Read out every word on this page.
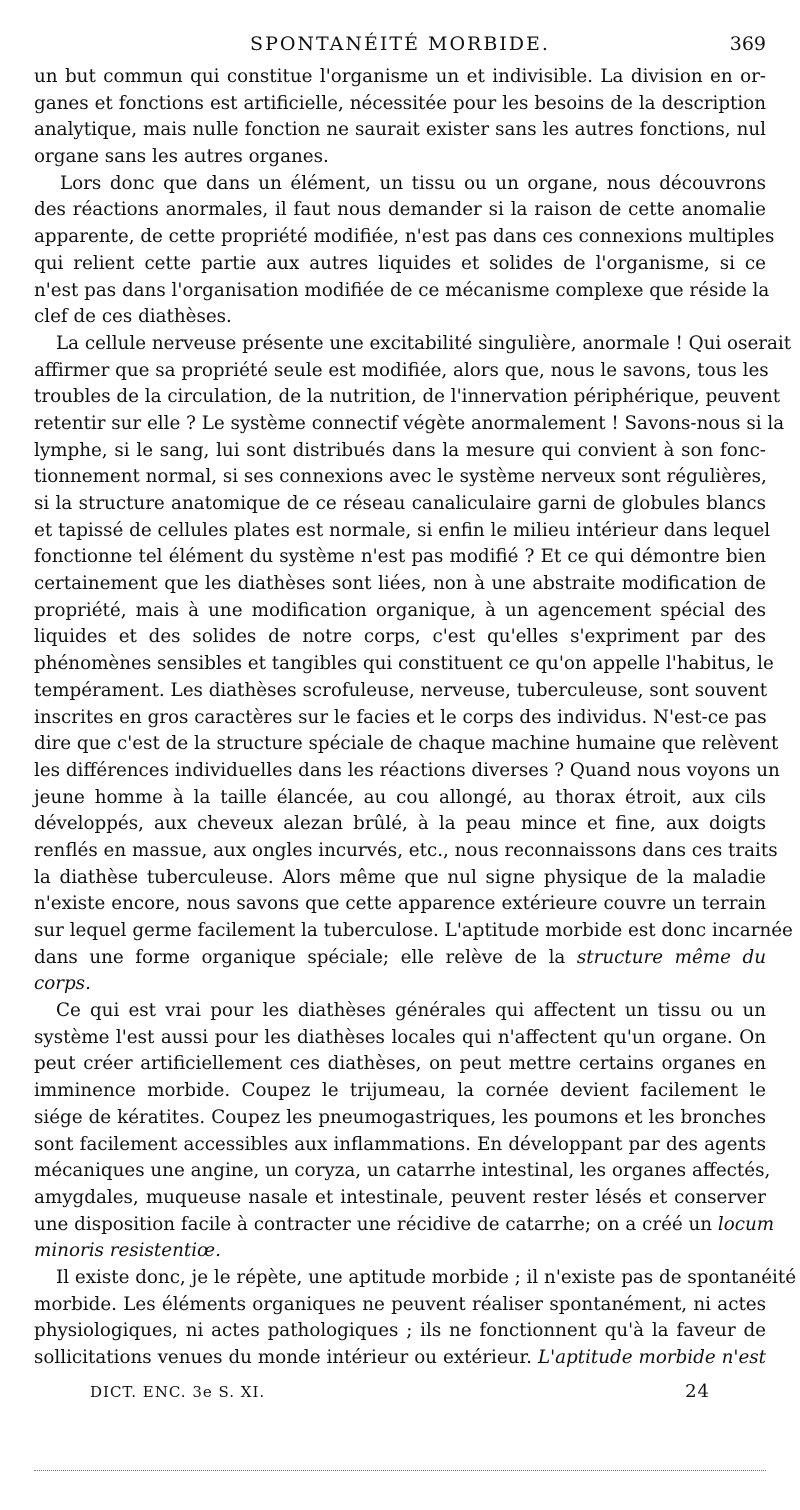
SPONTANÉITÉ MORBIDE.	369
un but commun qui constitue l'organisme un et indivisible. La division en or-
ganes et fonctions est artificielle, nécessitée pour les besoins de la description
analytique, mais nulle fonction ne saurait exister sans les autres fonctions, nul
organe sans les autres organes.
Lors donc que dans un élément, un tissu ou un organe, nous découvrons
des réactions anormales, il faut nous demander si la raison de cette anomalie
apparente, de cette propriété modifiée, n'est pas dans ces connexions multiples
qui relient cette partie aux autres liquides et solides de l'organisme, si ce
n'est pas dans l'organisation modifiée de ce mécanisme complexe que réside la
clef de ces diathèses.
La cellule nerveuse présente une excitabilité singulière, anormale ! Qui oserait
affirmer que sa propriété seule est modifiée, alors que, nous le savons, tous les
troubles de la circulation, de la nutrition, de l'innervation périphérique, peuvent
retentir sur elle ? Le système connectif végète anormalement ! Savons-nous si la
lymphe, si le sang, lui sont distribués dans la mesure qui convient à son fonc-
tionnement normal, si ses connexions avec le système nerveux sont régulières,
si la structure anatomique de ce réseau canaliculaire garni de globules blancs
et tapissé de cellules plates est normale, si enfin le milieu intérieur dans lequel
fonctionne tel élément du système n'est pas modifié ? Et ce qui démontre bien
certainement que les diathèses sont liées, non à une abstraite modification de
propriété, mais à une modification organique, à un agencement spécial des
liquides et des solides de notre corps, c'est qu'elles s'expriment par des
phénomènes sensibles et tangibles qui constituent ce qu'on appelle l'habitus, le
tempérament. Les diathèses scrofuleuse, nerveuse, tuberculeuse, sont souvent
inscrites en gros caractères sur le facies et le corps des individus. N'est-ce pas
dire que c'est de la structure spéciale de chaque machine humaine que relèvent
les différences individuelles dans les réactions diverses ? Quand nous voyons un
jeune homme à la taille élancée, au cou allongé, au thorax étroit, aux cils
développés, aux cheveux alezan brûlé, à la peau mince et fine, aux doigts
renflés en massue, aux ongles incurvés, etc., nous reconnaissons dans ces traits
la diathèse tuberculeuse. Alors même que nul signe physique de la maladie
n'existe encore, nous savons que cette apparence extérieure couvre un terrain
sur lequel germe facilement la tuberculose. L'aptitude morbide est donc incarnée
dans une forme organique spéciale; elle relève de la structure même du
corps.
Ce qui est vrai pour les diathèses générales qui affectent un tissu ou un
système l'est aussi pour les diathèses locales qui n'affectent qu'un organe. On
peut créer artificiellement ces diathèses, on peut mettre certains organes en
imminence morbide. Coupez le trijumeau, la cornée devient facilement le
siége de kératites. Coupez les pneumogastriques, les poumons et les bronches
sont facilement accessibles aux inflammations. En développant par des agents
mécaniques une angine, un coryza, un catarrhe intestinal, les organes affectés,
amygdales, muqueuse nasale et intestinale, peuvent rester lésés et conserver
une disposition facile à contracter une récidive de catarrhe; on a créé un locum
minoris resistentiœ.
Il existe donc, je le répète, une aptitude morbide ; il n'existe pas de spontanéité
morbide. Les éléments organiques ne peuvent réaliser spontanément, ni actes
physiologiques, ni actes pathologiques ; ils ne fonctionnent qu'à la faveur de
sollicitations venues du monde intérieur ou extérieur. L'aptitude morbide n'est
DICT. ENC. 3e S. XI.	24
